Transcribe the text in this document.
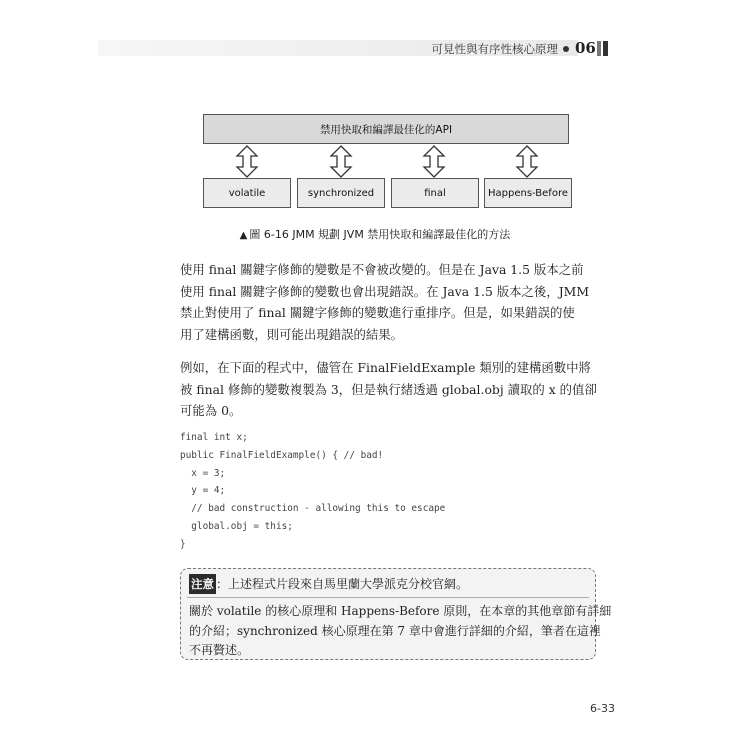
可見性與有序性核心原理 06
禁用快取和編譯最佳化的API
volatile	synchronized	final	Happens-Before
▲ 圖 6-16 JMM 規劃 JVM 禁用快取和編譯最佳化的方法
使用 final 關鍵字修飾的變數是不會被改變的。但是在 Java 1.5 版本之前
使用 final 關鍵字修飾的變數也會出現錯誤。在 Java 1.5 版本之後，JMM
禁止對使用了 final 關鍵字修飾的變數進行重排序。但是，如果錯誤的使
用了建構函數，則可能出現錯誤的結果。
例如，在下面的程式中，儘管在 FinalFieldExample 類別的建構函數中將
被 final 修飾的變數複製為 3，但是執行緒透過 global.obj 讀取的 x 的值卻
可能為 0。
final int x;
public FinalFieldExample() { // bad!
x = 3;
y = 4;
// bad construction - allowing this to escape
global.obj = this;
}
注意 ：上述程式片段來自馬里蘭大學派克分校官網。
關於 volatile 的核心原理和 Happens-Before 原則，在本章的其他章節有詳細
的介紹；synchronized 核心原理在第 7 章中會進行詳細的介紹，筆者在這裡
不再贅述。
6-33
